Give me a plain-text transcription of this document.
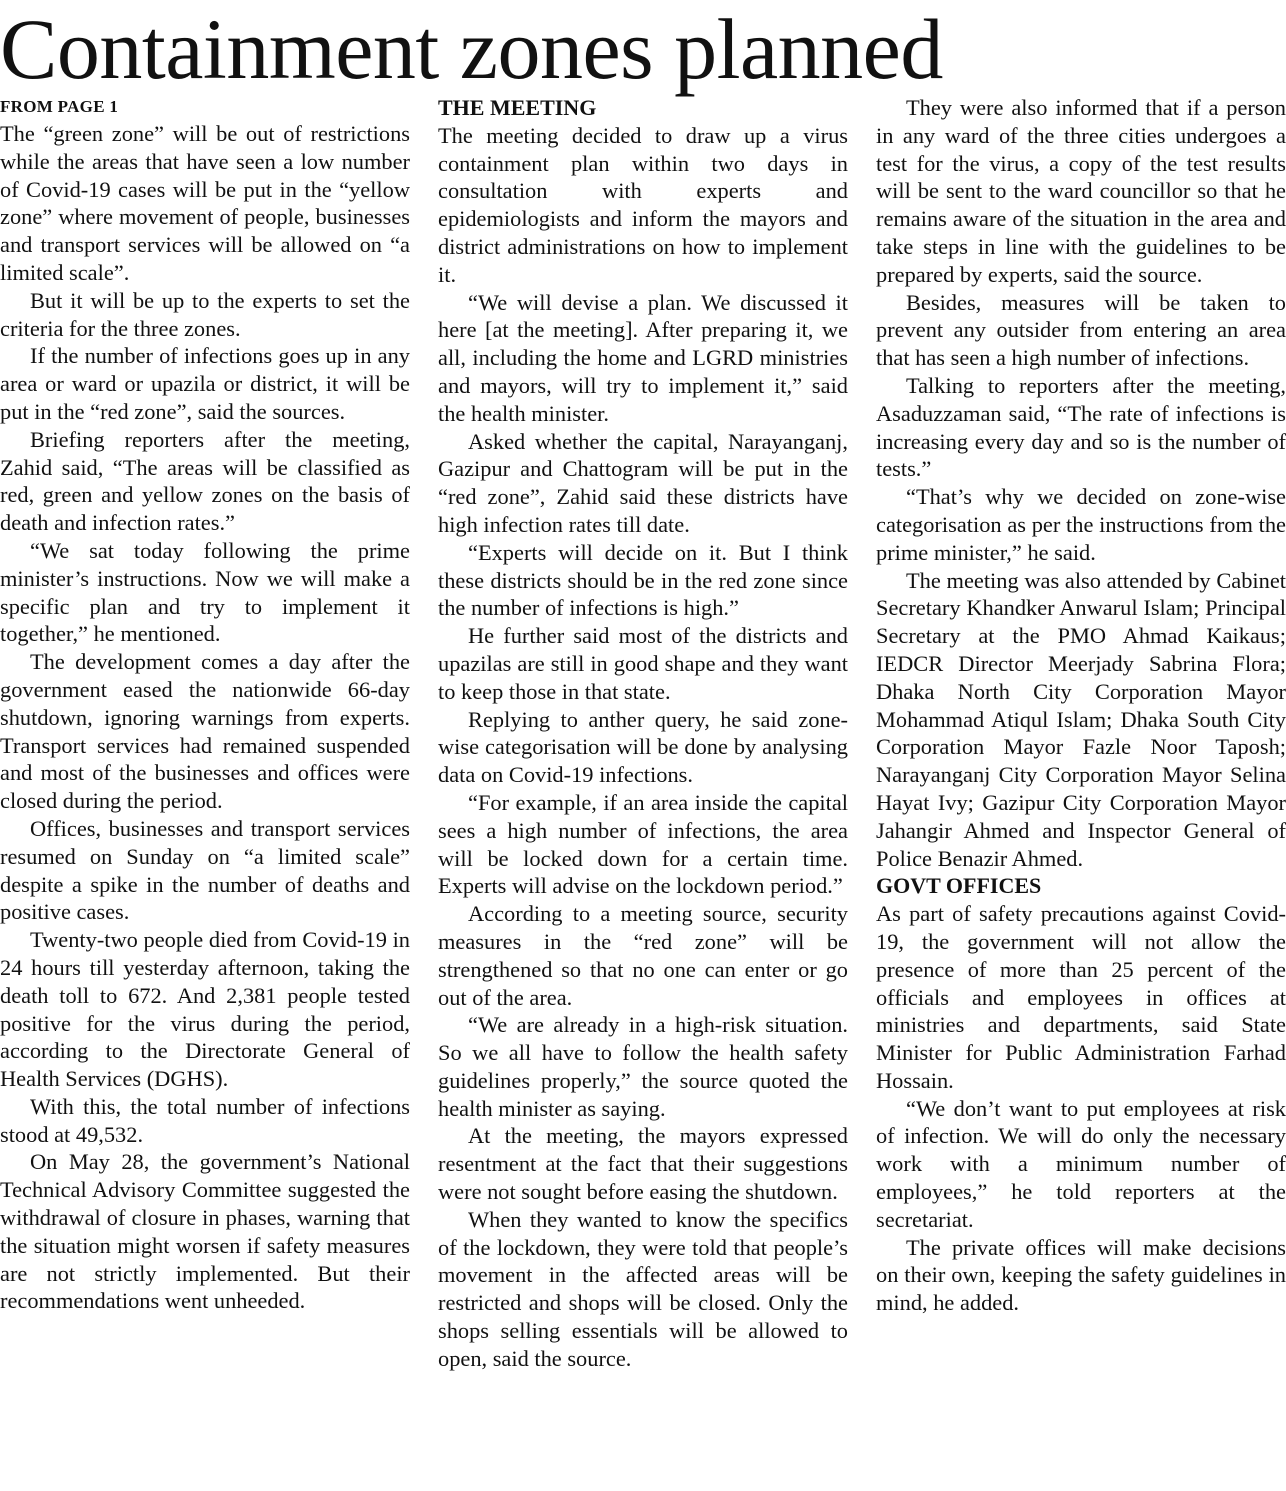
Containment zones planned
FROM PAGE 1

The “green zone” will be out of restrictions while the areas that have seen a low number of Covid-19 cases will be put in the “yellow zone” where movement of people, businesses and transport services will be allowed on “a limited scale”.

But it will be up to the experts to set the criteria for the three zones.

If the number of infections goes up in any area or ward or upazila or district, it will be put in the “red zone”, said the sources.

Briefing reporters after the meeting, Zahid said, “The areas will be classified as red, green and yellow zones on the basis of death and infection rates.”

“We sat today following the prime minister’s instructions. Now we will make a specific plan and try to implement it together,” he mentioned.

The development comes a day after the government eased the nationwide 66-day shutdown, ignoring warnings from experts. Transport services had remained suspended and most of the businesses and offices were closed during the period.

Offices, businesses and transport services resumed on Sunday on “a limited scale” despite a spike in the number of deaths and positive cases.

Twenty-two people died from Covid-19 in 24 hours till yesterday afternoon, taking the death toll to 672. And 2,381 people tested positive for the virus during the period, according to the Directorate General of Health Services (DGHS).

With this, the total number of infections stood at 49,532.

On May 28, the government’s National Technical Advisory Committee suggested the withdrawal of closure in phases, warning that the situation might worsen if safety measures are not strictly implemented. But their recommendations went unheeded.

THE MEETING

The meeting decided to draw up a virus containment plan within two days in consultation with experts and epidemiologists and inform the mayors and district administrations on how to implement it.

“We will devise a plan. We discussed it here [at the meeting]. After preparing it, we all, including the home and LGRD ministries and mayors, will try to implement it,” said the health minister.

Asked whether the capital, Narayanganj, Gazipur and Chattogram will be put in the “red zone”, Zahid said these districts have high infection rates till date.

“Experts will decide on it. But I think these districts should be in the red zone since the number of infections is high.”

He further said most of the districts and upazilas are still in good shape and they want to keep those in that state.

Replying to anther query, he said zone-wise categorisation will be done by analysing data on Covid-19 infections.

“For example, if an area inside the capital sees a high number of infections, the area will be locked down for a certain time. Experts will advise on the lockdown period.”

According to a meeting source, security measures in the “red zone” will be strengthened so that no one can enter or go out of the area.

“We are already in a high-risk situation. So we all have to follow the health safety guidelines properly,” the source quoted the health minister as saying.

At the meeting, the mayors expressed resentment at the fact that their suggestions were not sought before easing the shutdown.

When they wanted to know the specifics of the lockdown, they were told that people’s movement in the affected areas will be restricted and shops will be closed. Only the shops selling essentials will be allowed to open, said the source.

They were also informed that if a person in any ward of the three cities undergoes a test for the virus, a copy of the test results will be sent to the ward councillor so that he remains aware of the situation in the area and take steps in line with the guidelines to be prepared by experts, said the source.

Besides, measures will be taken to prevent any outsider from entering an area that has seen a high number of infections.

Talking to reporters after the meeting, Asaduzzaman said, “The rate of infections is increasing every day and so is the number of tests.”

“That’s why we decided on zone-wise categorisation as per the instructions from the prime minister,” he said.

The meeting was also attended by Cabinet Secretary Khandker Anwarul Islam; Principal Secretary at the PMO Ahmad Kaikaus; IEDCR Director Meerjady Sabrina Flora; Dhaka North City Corporation Mayor Mohammad Atiqul Islam; Dhaka South City Corporation Mayor Fazle Noor Taposh; Narayanganj City Corporation Mayor Selina Hayat Ivy; Gazipur City Corporation Mayor Jahangir Ahmed and Inspector General of Police Benazir Ahmed.

GOVT OFFICES

As part of safety precautions against Covid-19, the government will not allow the presence of more than 25 percent of the officials and employees in offices at ministries and departments, said State Minister for Public Administration Farhad Hossain.

“We don’t want to put employees at risk of infection. We will do only the necessary work with a minimum number of employees,” he told reporters at the secretariat.

The private offices will make decisions on their own, keeping the safety guidelines in mind, he added.
